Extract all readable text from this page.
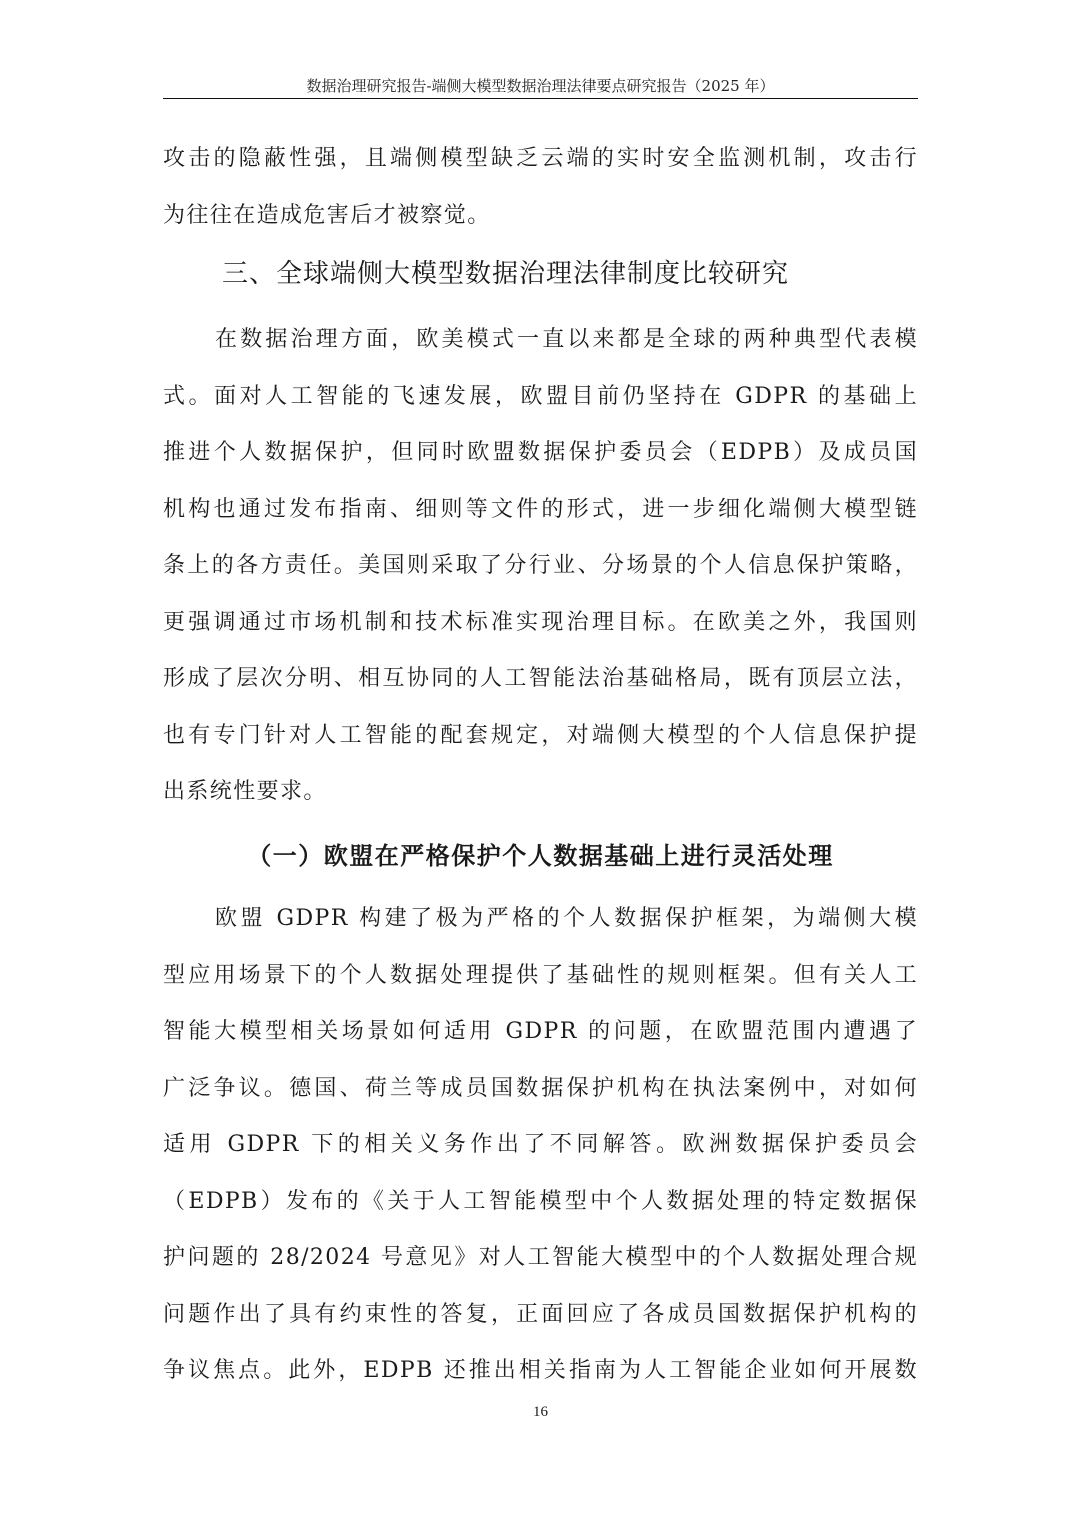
数据治理研究报告-端侧大模型数据治理法律要点研究报告（2025 年）
攻击的隐蔽性强，且端侧模型缺乏云端的实时安全监测机制，攻击行
为往往在造成危害后才被察觉。
三、全球端侧大模型数据治理法律制度比较研究
在数据治理方面，欧美模式一直以来都是全球的两种典型代表模
式。面对人工智能的飞速发展，欧盟目前仍坚持在 GDPR 的基础上
推进个人数据保护，但同时欧盟数据保护委员会（EDPB）及成员国
机构也通过发布指南、细则等文件的形式，进一步细化端侧大模型链
条上的各方责任。美国则采取了分行业、分场景的个人信息保护策略，
更强调通过市场机制和技术标准实现治理目标。在欧美之外，我国则
形成了层次分明、相互协同的人工智能法治基础格局，既有顶层立法，
也有专门针对人工智能的配套规定，对端侧大模型的个人信息保护提
出系统性要求。
（一）欧盟在严格保护个人数据基础上进行灵活处理
欧盟 GDPR 构建了极为严格的个人数据保护框架，为端侧大模
型应用场景下的个人数据处理提供了基础性的规则框架。但有关人工
智能大模型相关场景如何适用 GDPR 的问题，在欧盟范围内遭遇了
广泛争议。德国、荷兰等成员国数据保护机构在执法案例中，对如何
适用 GDPR 下的相关义务作出了不同解答。欧洲数据保护委员会
（EDPB）发布的《关于人工智能模型中个人数据处理的特定数据保
护问题的 28/2024 号意见》对人工智能大模型中的个人数据处理合规
问题作出了具有约束性的答复，正面回应了各成员国数据保护机构的
争议焦点。此外，EDPB 还推出相关指南为人工智能企业如何开展数
16
